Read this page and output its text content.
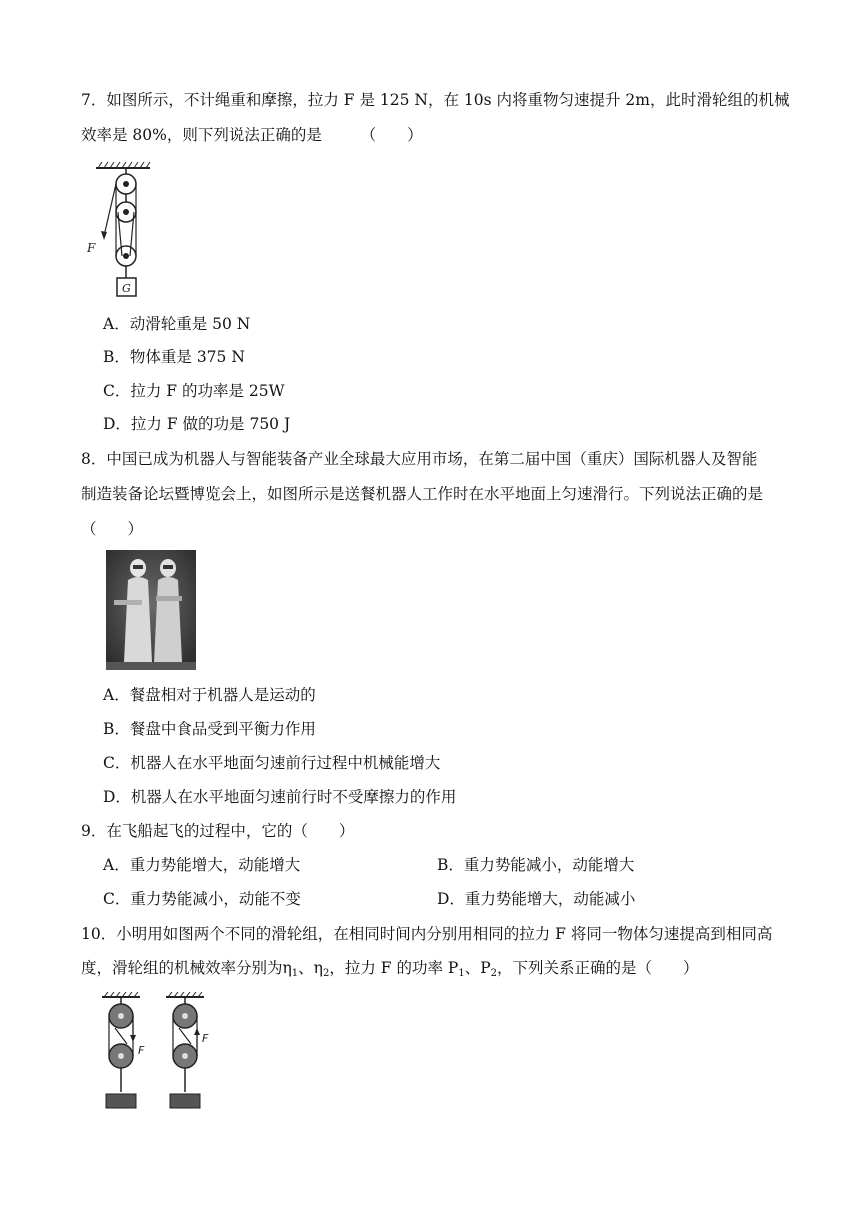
7．如图所示，不计绳重和摩擦，拉力 F 是 125 N，在 10s 内将重物匀速提升 2m，此时滑轮组的机械
效率是 80%，则下列说法正确的是　　　（　　）
F
G
A．动滑轮重是 50 N
B．物体重是 375 N
C．拉力 F 的功率是 25W
D．拉力 F 做的功是 750 J
8．中国已成为机器人与智能装备产业全球最大应用市场，在第二届中国（重庆）国际机器人及智能
制造装备论坛暨博览会上，如图所示是送餐机器人工作时在水平地面上匀速滑行。下列说法正确的是
（　　）
A．餐盘相对于机器人是运动的
B．餐盘中食品受到平衡力作用
C．机器人在水平地面匀速前行过程中机械能增大
D．机器人在水平地面匀速前行时不受摩擦力的作用
9．在飞船起飞的过程中，它的（　　）
A．重力势能增大，动能增大	B．重力势能减小，动能增大
C．重力势能减小，动能不变	D．重力势能增大，动能减小
10．小明用如图两个不同的滑轮组，在相同时间内分别用相同的拉力 F 将同一物体匀速提高到相同高
度，滑轮组的机械效率分别为$\eta_1$、$\eta_2$，拉力 F 的功率 $P_1$、$P_2$，下列关系正确的是（　　）
F
F
